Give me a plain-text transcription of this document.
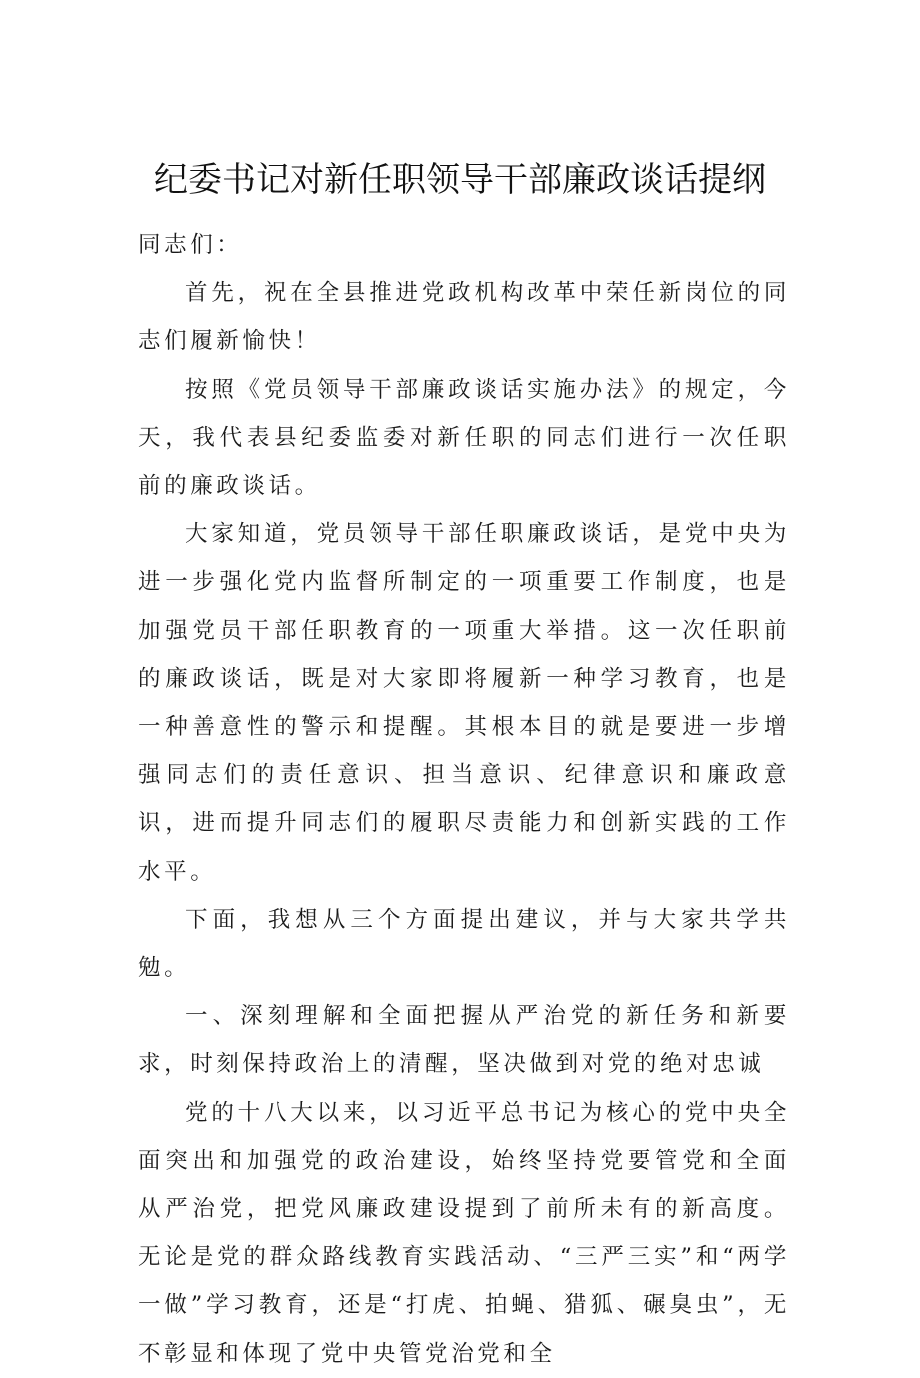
纪委书记对新任职领导干部廉政谈话提纲

同志们：

首先，祝在全县推进党政机构改革中荣任新岗位的同志们履新愉快！

按照《党员领导干部廉政谈话实施办法》的规定，今天，我代表县纪委监委对新任职的同志们进行一次任职前的廉政谈话。

大家知道，党员领导干部任职廉政谈话，是党中央为进一步强化党内监督所制定的一项重要工作制度，也是加强党员干部任职教育的一项重大举措。这一次任职前的廉政谈话，既是对大家即将履新一种学习教育，也是一种善意性的警示和提醒。其根本目的就是要进一步增强同志们的责任意识、担当意识、纪律意识和廉政意识，进而提升同志们的履职尽责能力和创新实践的工作水平。

下面，我想从三个方面提出建议，并与大家共学共勉。

一、深刻理解和全面把握从严治党的新任务和新要求，时刻保持政治上的清醒，坚决做到对党的绝对忠诚

党的十八大以来，以习近平总书记为核心的党中央全面突出和加强党的政治建设，始终坚持党要管党和全面从严治党，把党风廉政建设提到了前所未有的新高度。无论是党的群众路线教育实践活动、“三严三实”和“两学一做”学习教育，还是“打虎、拍蝇、猎狐、碾臭虫”，无不彰显和体现了党中央管党治党和全
